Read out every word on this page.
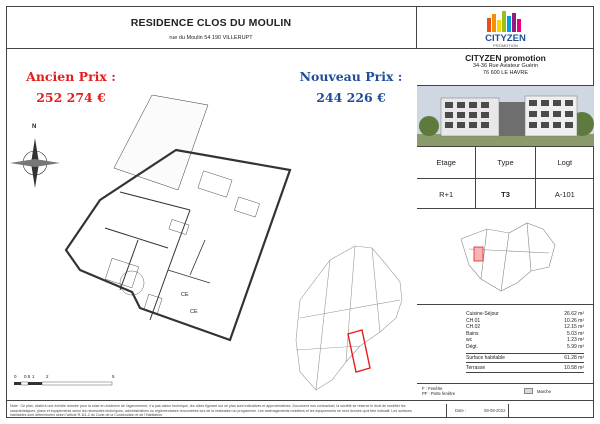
RESIDENCE CLOS DU MOULIN
rue du Moulin 54 190 VILLERUPT	CITYZEN
PROMOTION
CITYZEN promotion
34-36 Rue Aviateur Guérin
76 600 LE HAVRE
Ancien Prix :
252 274 €
Nouveau Prix :
244 226 €
Etage	Type	Logt
R+1	T3	A-101
Cuisine-Séjour	26.62 m²
CH.01	10.26 m²
CH.02	12.15 m²
Bains	5.03 m²
wc	1.23 m²
Dégt.	5.99 m²
Surface habitable	61.28 m²
Terrasse	10.58 m²
F : Fenêtre
PF : Porte fenêtre	Marche
N
CE
CE
0 0.5 1	2	5
Note : Ce plan, établi à une échelle donnée pour la mise en évidence de l'agencement, n'a pas valeur technique, les côtes figurant sur ce plan sont indicatives et approximatives. Document non contractuel, la société se réserve le droit de modifier les caractéristiques, plans et équipements selon les nécessités techniques, administratives ou réglementaires rencontrées lors de la réalisation du programme. Les aménagements mobiliers et les équipements ne sont donnés qu'à titre indicatif. Les surfaces habitables sont déterminées selon l'article R.111-2 du Code de la Construction et de l'Habitation.
Date :	08-08-2022
